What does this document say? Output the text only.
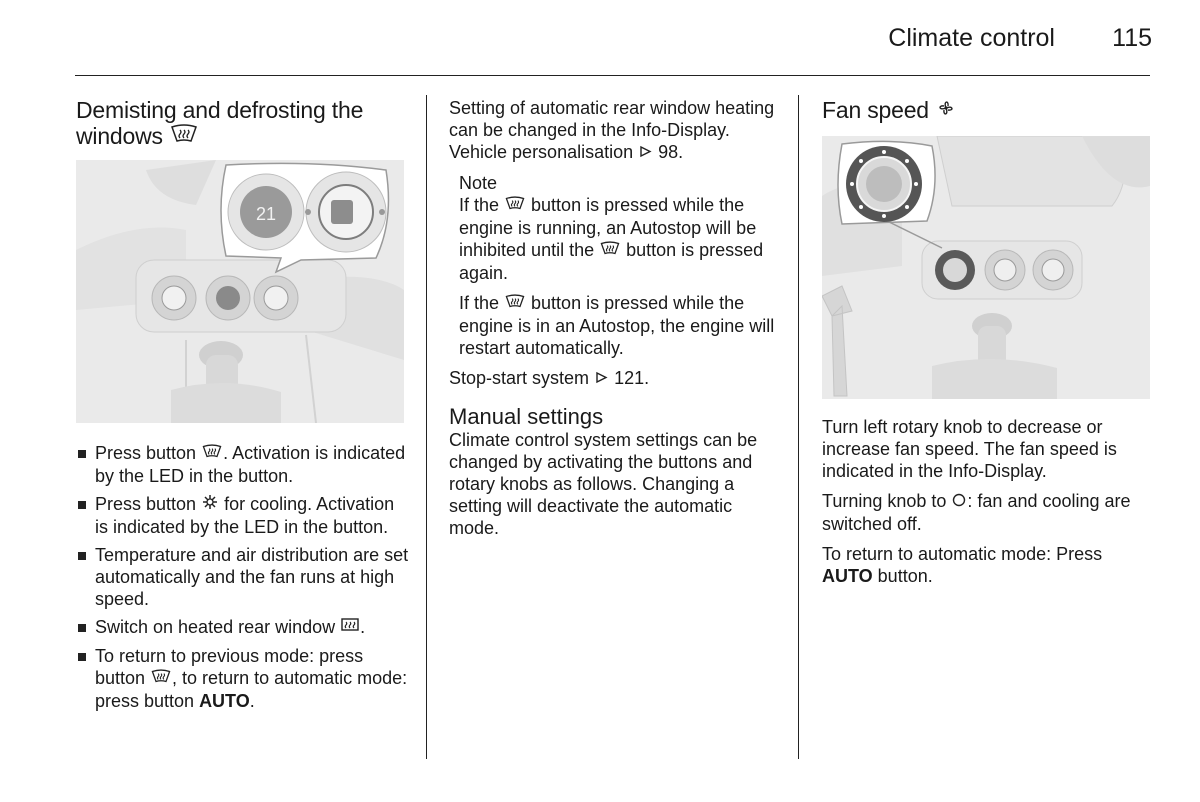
Climate control	115
Demisting and defrosting the windows
21
Press button . Activation is indicated by the LED in the button.
Press button  for cooling. Activation is indicated by the LED in the button.
Temperature and air distribution are set automatically and the fan runs at high speed.
Switch on heated rear window .
To return to previous mode: press button , to return to automatic mode: press button AUTO.

Setting of automatic rear window heating can be changed in the Info-Display. Vehicle personalisation 98.

Note

If the  button is pressed while the engine is running, an Autostop will be inhibited until the  button is pressed again.

If the  button is pressed while the engine is in an Autostop, the engine will restart automatically.

Stop-start system 121.

Manual settings

Climate control system settings can be changed by activating the buttons and rotary knobs as follows. Changing a setting will deactivate the automatic mode.

Fan speed

Turn left rotary knob to decrease or increase fan speed. The fan speed is indicated in the Info-Display.

Turning knob to : fan and cooling are switched off.

To return to automatic mode: Press AUTO button.
